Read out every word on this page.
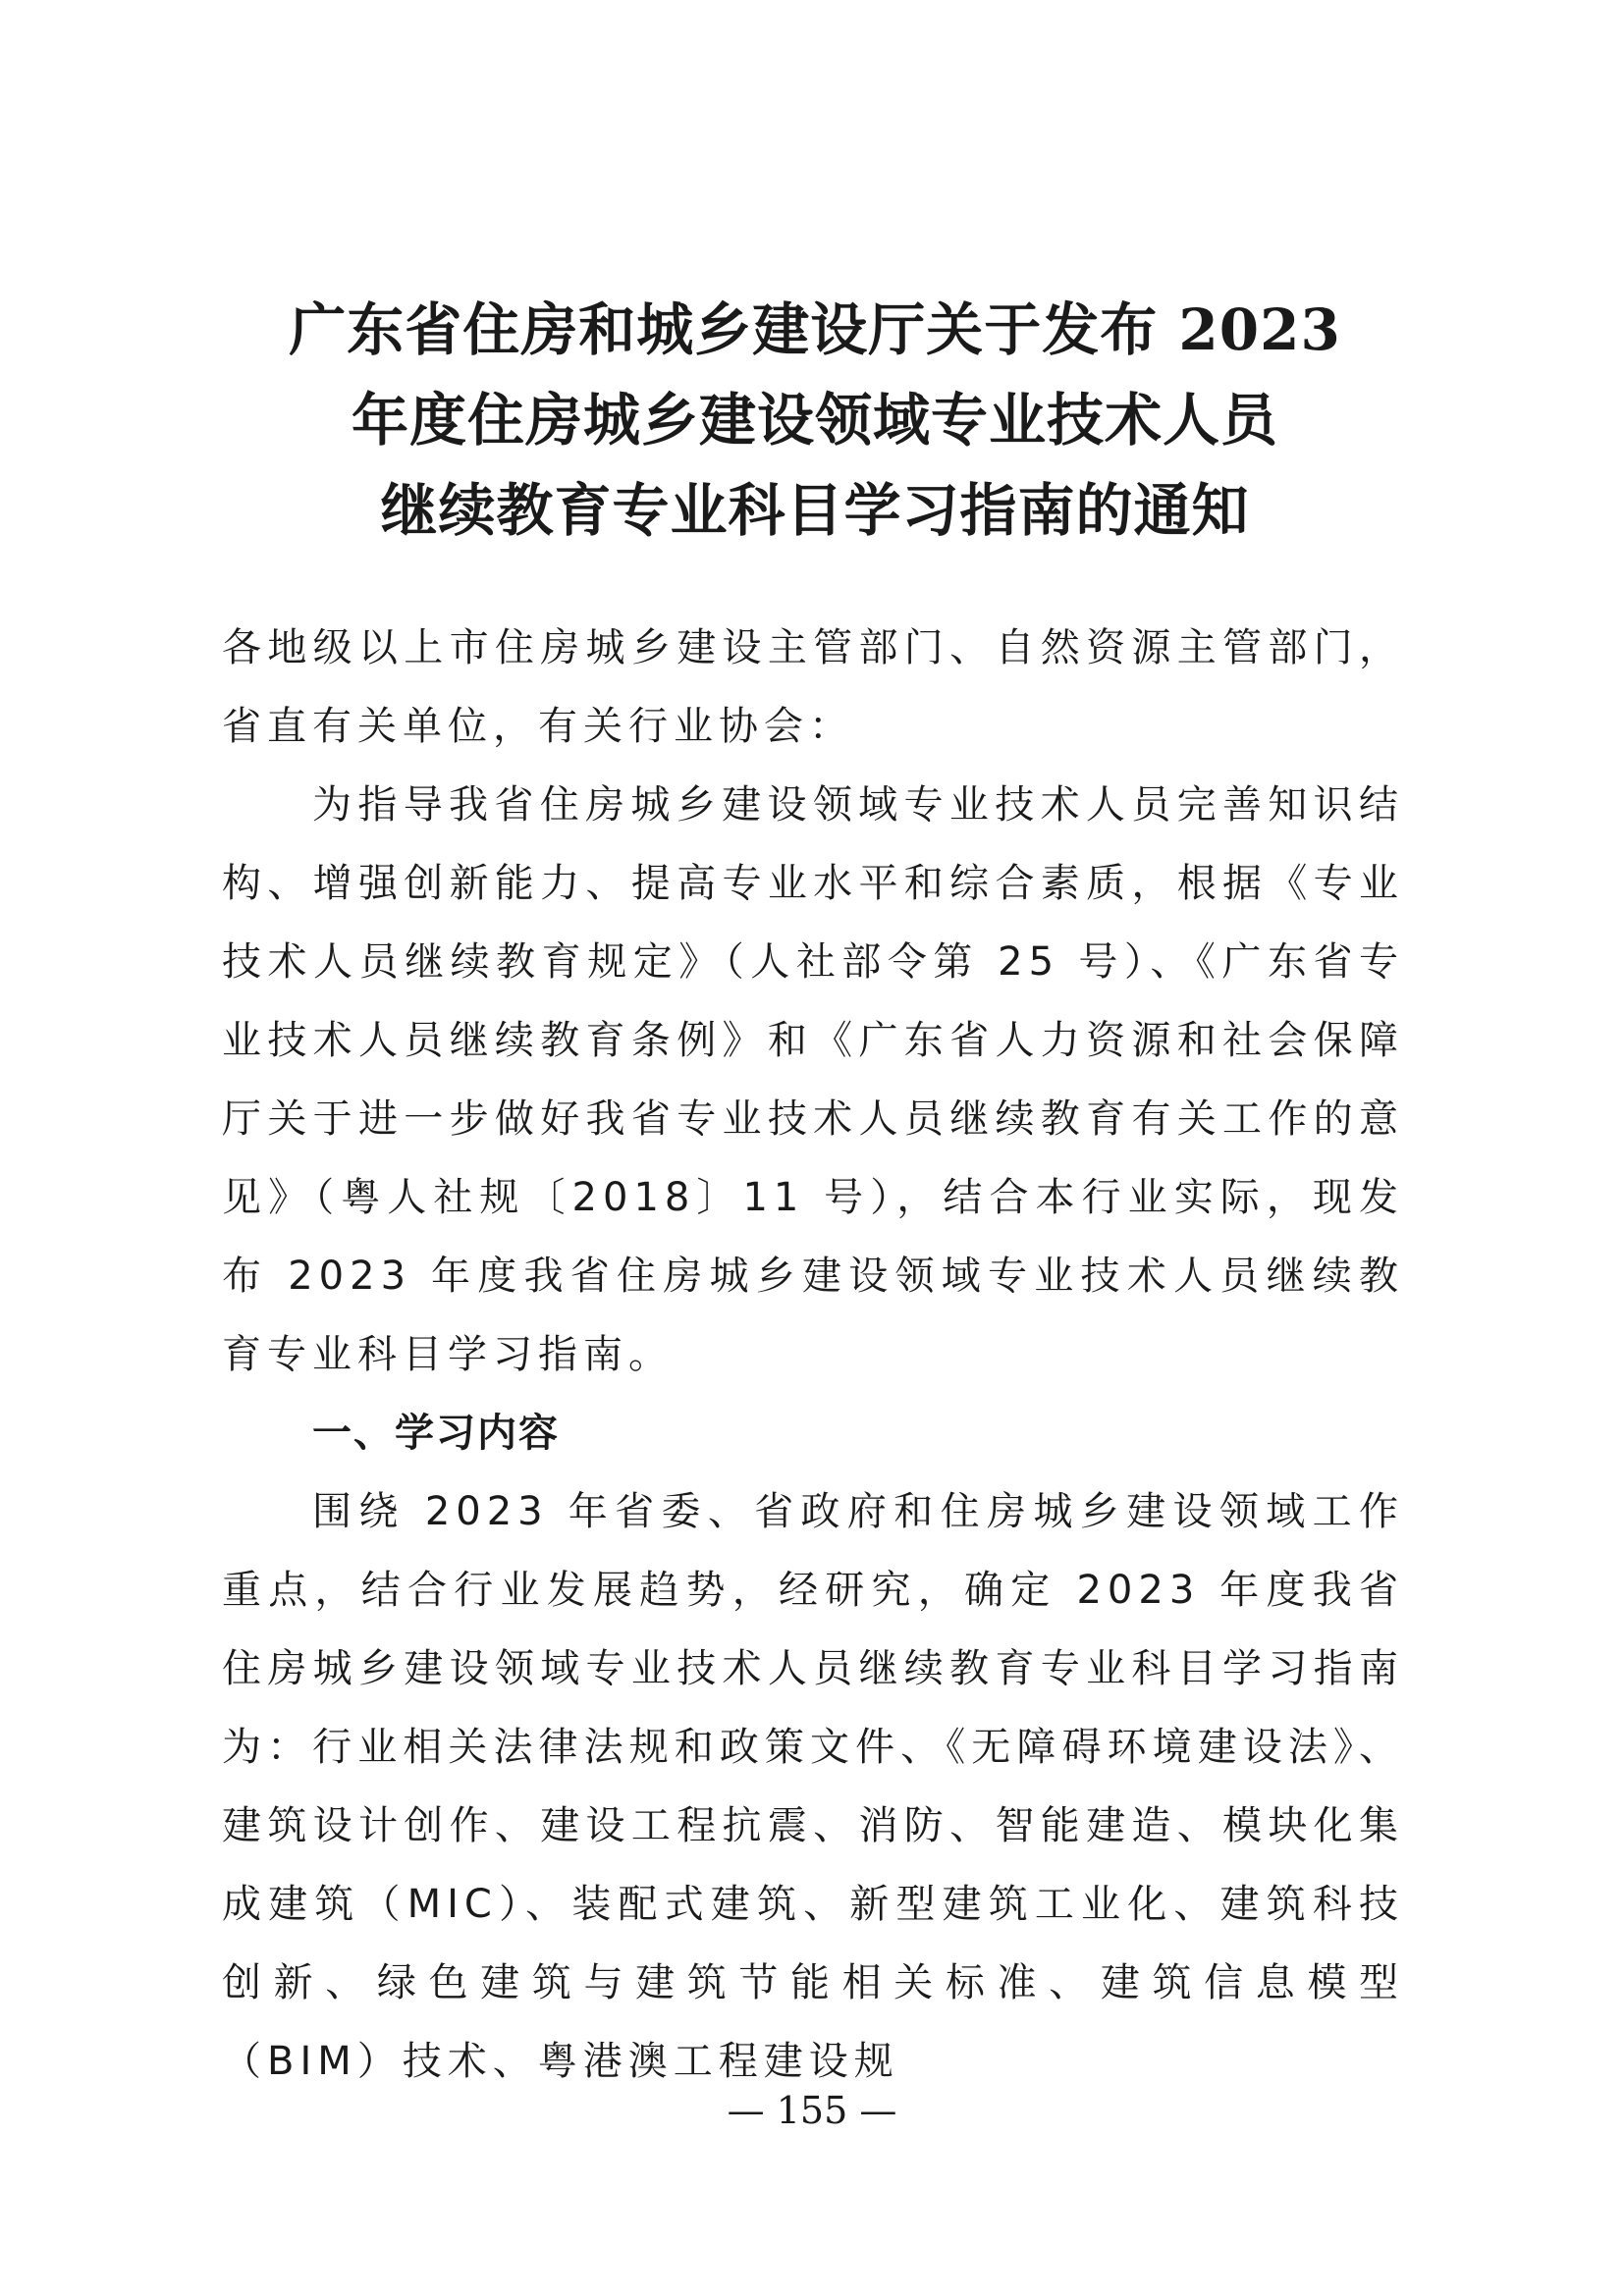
广东省住房和城乡建设厅关于发布 2023
年度住房城乡建设领域专业技术人员
继续教育专业科目学习指南的通知

各地级以上市住房城乡建设主管部门、自然资源主管部门，省直有关单位，有关行业协会：

为指导我省住房城乡建设领域专业技术人员完善知识结构、增强创新能力、提高专业水平和综合素质，根据《专业技术人员继续教育规定》（人社部令第 25 号）、《广东省专业技术人员继续教育条例》和《广东省人力资源和社会保障厅关于进一步做好我省专业技术人员继续教育有关工作的意见》（粤人社规〔2018〕11 号），结合本行业实际，现发布 2023 年度我省住房城乡建设领域专业技术人员继续教育专业科目学习指南。

一、学习内容

围绕 2023 年省委、省政府和住房城乡建设领域工作重点，结合行业发展趋势，经研究，确定 2023 年度我省住房城乡建设领域专业技术人员继续教育专业科目学习指南为：行业相关法律法规和政策文件、《无障碍环境建设法》、建筑设计创作、建设工程抗震、消防、智能建造、模块化集成建筑（MIC）、装配式建筑、新型建筑工业化、建筑科技创新、绿色建筑与建筑节能相关标准、建筑信息模型（BIM）技术、粤港澳工程建设规

— 155 —
